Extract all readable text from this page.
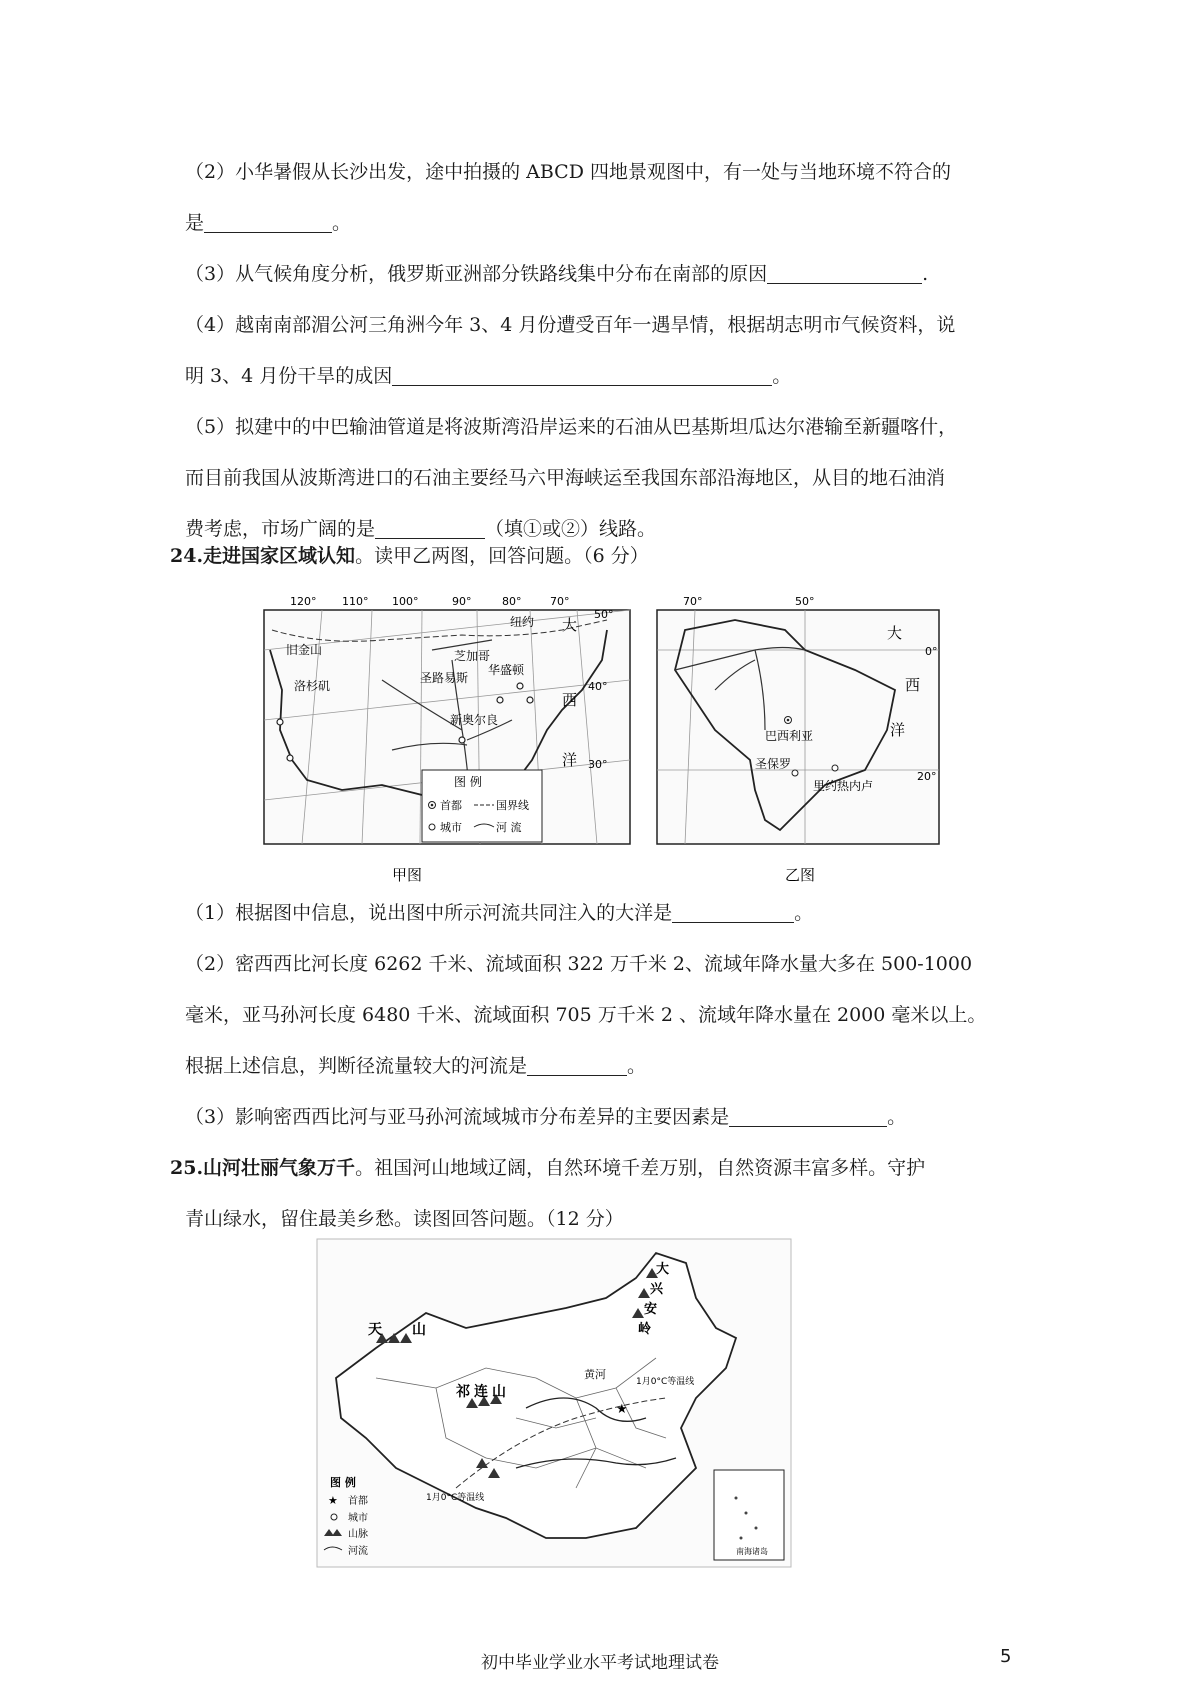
（2）小华暑假从长沙出发，途中拍摄的 ABCD 四地景观图中，有一处与当地环境不符合的

是	。

（3）从气候角度分析，俄罗斯亚洲部分铁路线集中分布在南部的原因	.

（4）越南南部湄公河三角洲今年 3、4 月份遭受百年一遇旱情，根据胡志明市气候资料，说

明 3、4 月份干旱的成因	。

（5）拟建中的中巴输油管道是将波斯湾沿岸运来的石油从巴基斯坦瓜达尔港输至新疆喀什，

而目前我国从波斯湾进口的石油主要经马六甲海峡运至我国东部沿海地区，从目的地石油消

费考虑，市场广阔的是	（填①或②）线路。

24.走进国家区域认知。读甲乙两图，回答问题。（6 分）

120° 110° 100°	90°	80°	70°
50°
40°
30°
旧金山
洛杉矶
芝加哥
纽约
华盛顿
圣路易斯
新奥尔良
大
西
洋
图 例
首都	国界线
城市	河 流
甲图
70°	50°
0°
20°
巴西利亚
圣保罗
里约热内卢
大
西
洋
乙图

（1）根据图中信息，说出图中所示河流共同注入的大洋是	。

（2）密西西比河长度 6262 千米、流域面积 322 万千米 2、流域年降水量大多在 500-1000

毫米，亚马孙河长度 6480 千米、流域面积 705 万千米 2 、流域年降水量在 2000 毫米以上。

根据上述信息，判断径流量较大的河流是	。

（3）影响密西西比河与亚马孙河流域城市分布差异的主要因素是	。

25.山河壮丽气象万千。祖国河山地域辽阔，自然环境千差万别，自然资源丰富多样。守护

青山绿水，留住最美乡愁。读图回答问题。（12 分）

★
天 山
祁 连 山
大
兴
安
岭
黄河
1月0°C等温线
1月0°C等温线
图 例
★ 首都
城市
山脉
河流	南海诸岛
初中毕业学业水平考试地理试卷	5
